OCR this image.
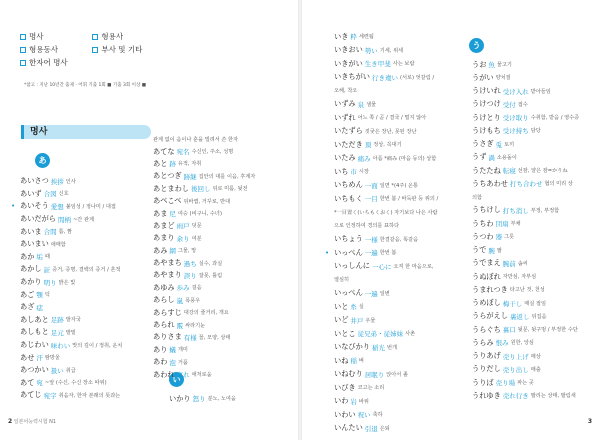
명사	형용사
형용동사	부사 및 기타
한자어 명사
*참고 : 지난 10년간 출제 · 어휘 기출 1회 ■ 기출 3회 이상 ■
명사
あ
い
う
あいさつ 挨拶 인사
あいず 合図 신호
• あいそう 愛想 붙임성 / 정나미 / 대접
あいだがら 間柄 ~간 관계
あいま 合間 틈, 짬
あいまい 애매함
あか 垢 때
あかし 証 증거, 증명, 결백의 증거 / 흔적
あかり 明り 밝은 빛
あご 顎 턱
あざ 痣
あしあと 足跡 발자국
あしもと 足元 발밑
あじわい 味わい 맛의 깊이 / 정취, 운치
あせ 汗 땀방울
あつかい 扱い 취급
あて 宛 ~앞 (수신, 수신 장소 따위)
あてじ 宛字 취음자, 한자 본래의 뜻과는
관계 없이 음이나 훈을 빌려서 쓴 한자
あてな 宛名 수신인, 주소, 성명
あと 跡 유적, 자취
あとつぎ 跡継 집안의 대를 이음, 후계자
あとまわし 後回し 뒤로 미룸, 뒷전
あべこべ 뒤바뀜, 거꾸로, 반대
あま 尼 여승 (비구니, 수녀)
あまど 雨戸 덧문
あまり 余り 여분
あみ 網 그물, 망
あやまち 過ち 실수, 과실
あやまり 誤り 잘못, 틀림
あゆみ 歩み 걸음
あらし 嵐 폭풍우
あらすじ 대강의 줄거리, 개요
あられ 霰 싸라기눈
ありさま 有様 꼴, 모양, 상태
あり 蟻 개미
あわ 泡 거품
あわれ 哀れ 애처로움
いかり 怒り 분노, 노여움
いき 粋 세련됨
いきおい 勢い 기세, 위세
いきがい 生き甲斐 사는 보람
いきちがい 行き違い (서로) 엇갈림 /
오해, 착오
いずみ 泉 샘물
いずれ 어느 쪽 / 곧 / 결국 / 멀지 않아
いたずら 짓궂은 장난, 못된 장난
いただき 頂 정상, 꼭대기
いたみ 痛み 아픔 *痛み (마음 등의) 상함
いち 市 시장
いちめん 一面 일면 *(4주) 온통
いちもく 一目 한번 봄 / 바둑판 등 위의 /
*一目置く(いちもくおく) 자기보다 나은 사람
으로 인정하여 경의를 표하다
いちょう 一様 한결같음, 똑같음
• いっぺん 一遍 한번 봄
いっしんに 一心に 오직 한 마음으로,
열심히
いっぺん 一遍 일변
いと 糸 실
いど 井戸 우물
いとこ 従兄弟・従姉妹 사촌
いなびかり 稲光 번개
いね 稲 벼
いねむり 居眠り 앉아서 졸
いびき 코고는 소리
いわ 岩 바위
いわい 祝い 축하
いんたい 引退 은퇴
うお 魚 물고기
うがい 양치질
うけいれ 受け入れ 받아들임
うけつけ 受付 접수
うけとり 受け取り 수취함, 받음 / 영수증
うけもち 受け持ち 담당
うさぎ 兎 토끼
うず 渦 소용돌이
うたたね 転寝 선잠, 얕은 잠=かりね
うちあわせ 打ち合わせ 협의 미리 상
의함
うちけし 打ち消し 부정, 부정함
うちわ 団扇 부채
うつわ 器 그릇
うで 腕 팔
うでまえ 腕前 솜씨
うぬぼれ 자만심, 자부심
うまれつき 타고난 것, 천성
うめぼし 梅干し 매실 절임
うらがえし 裏返し 뒤집음
うらぐち 裏口 뒷문, 뒷구멍 / 부정한 수단
うらみ 恨み 원한, 앙심
うりあげ 売り上げ 매상
うりだし 売り出し 매출
うりば 売り場 파는 곳
うれゆき 売れ行き 팔리는 상태, 팔림새
2 일본어능력시험 N1	3
